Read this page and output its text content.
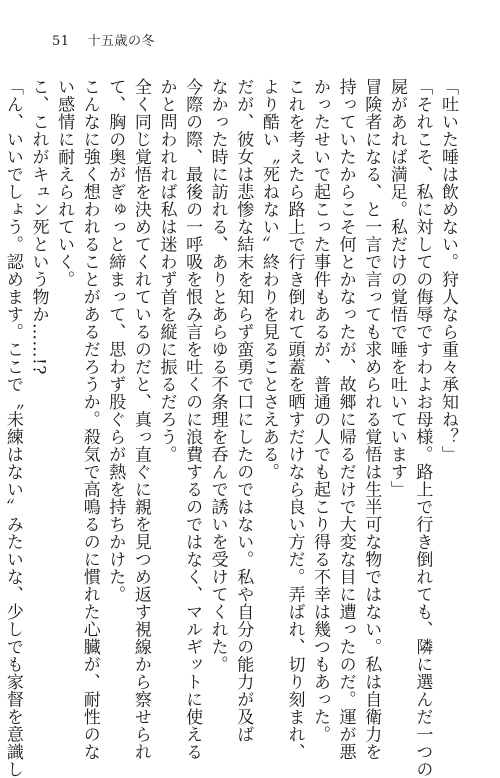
51 十五歳の冬

「吐いた唾は飲めない。狩人なら重々承知ね？」

「それこそ、私に対しての侮辱ですわよお母様。路上で行き倒れても、隣に選んだ一つの

屍があれば満足。私だけの覚悟で唾を吐いています」

冒険者になる、と一言で言っても求められる覚悟は生半可な物ではない。私は自衛力を

持っていたからこそ何とかなったが、故郷に帰るだけで大変な目に遭ったのだ。運が悪

かったせいで起こった事件もあるが、普通の人でも起こり得る不幸は幾つもあった。

これを考えたら路上で行き倒れて頭蓋を晒すだけなら良い方だ。弄ばれ、切り刻まれ、

より酷い〝死ねない〟終わりを見ることさえある。

だが、彼女は悲惨な結末を知らず蛮勇で口にしたのではない。私や自分の能力が及ば

なかった時に訪れる、ありとあらゆる不条理を呑んで誘いを受けてくれた。

今際の際、最後の一呼吸を恨み言を吐くのに浪費するのではなく、マルギットに使える

かと問われれば私は迷わず首を縦に振るだろう。

全く同じ覚悟を決めてくれているのだと、真っ直ぐに親を見つめ返す視線から察せられ

て、胸の奥がぎゅっと締まって、思わず股ぐらが熱を持ちかけた。

こんなに強く想われることがあるだろうか。殺気で高鳴るのに慣れた心臓が、耐性のな

い感情に耐えられていく。

こ、これがキュン死という物か……!?

「ん、いいでしょう。認めます。ここで〝未練はない〟みたいな、少しでも家督を意識し
